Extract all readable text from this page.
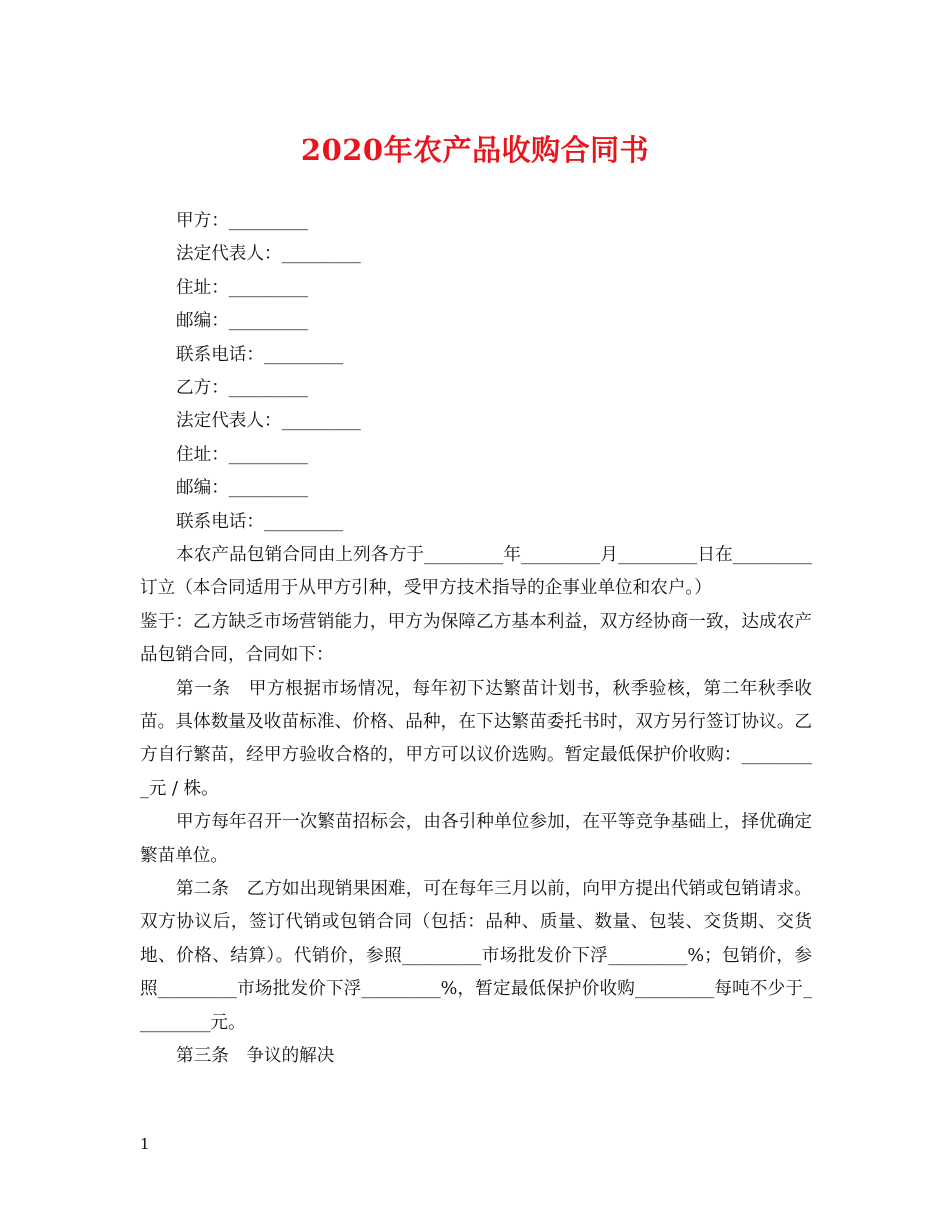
2020年农产品收购合同书

甲方：_________

法定代表人：_________

住址：_________

邮编：_________

联系电话：_________

乙方：_________

法定代表人：_________

住址：_________

邮编：_________

联系电话：_________

本农产品包销合同由上列各方于_________年_________月_________日在_________订立（本合同适用于从甲方引种，受甲方技术指导的企事业单位和农户。）

鉴于：乙方缺乏市场营销能力，甲方为保障乙方基本利益，双方经协商一致，达成农产品包销合同，合同如下：

第一条　甲方根据市场情况，每年初下达繁苗计划书，秋季验核，第二年秋季收苗。具体数量及收苗标准、价格、品种，在下达繁苗委托书时，双方另行签订协议。乙方自行繁苗，经甲方验收合格的，甲方可以议价选购。暂定最低保护价收购：_________元 / 株。

甲方每年召开一次繁苗招标会，由各引种单位参加，在平等竞争基础上，择优确定繁苗单位。

第二条　乙方如出现销果困难，可在每年三月以前，向甲方提出代销或包销请求。双方协议后，签订代销或包销合同（包括：品种、质量、数量、包装、交货期、交货地、价格、结算）。代销价，参照_________市场批发价下浮_________%；包销价，参照_________市场批发价下浮_________%，暂定最低保护价收购_________每吨不少于_________元。

第三条　争议的解决

1
